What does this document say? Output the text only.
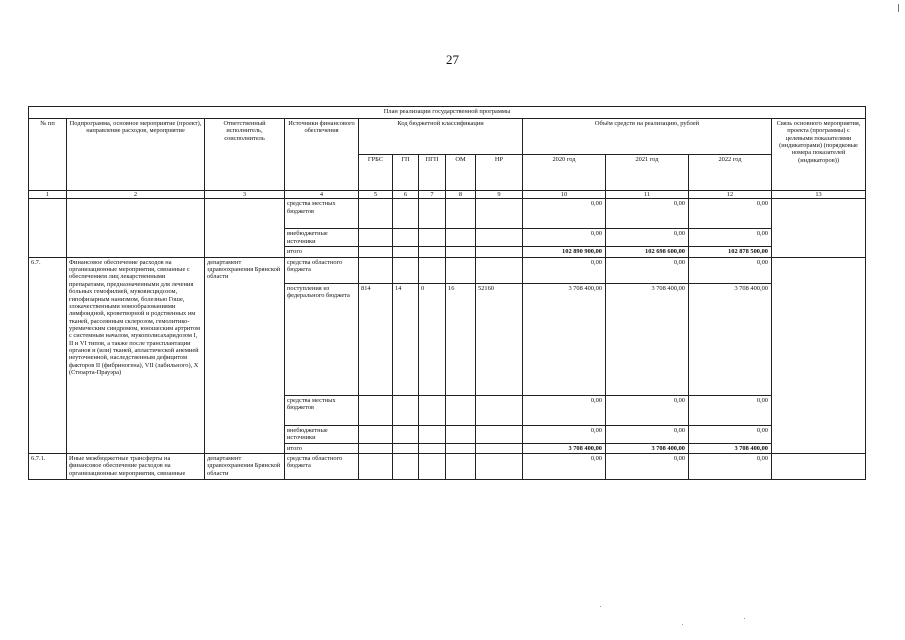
27
План реализации государственной программы												
№ пп	Подпрограмма, основное мероприятие (проект), направление расходов, мероприятие	Ответственный исполнитель, соисполнитель	Источники финансового обеспечения	Код бюджетной классификации					Объём средств на реализацию, рублей			Связь основного мероприятия, проекта (программы) с целевыми показателями (индикаторами) (порядковые номера показателей (индикаторов))
				ГРБС	ГП	ПГП	ОМ	НР	2020 год	2021 год	2022 год	
1	2	3	4	5	6	7	8	9	10	11	12	13
			средства местных бюджетов						0,00	0,00	0,00	
			внебюджетные источники						0,00	0,00	0,00	
			итого						102 890 900,00	102 698 600,00	102 878 500,00	
6.7.	Финансовое обеспечение расходов на организационные мероприятия, связанные с обеспечением лиц лекарственными препаратами, предназначенными для лечения больных гемофилией, муковисцидозом, гипофизарным нанизмом, болезнью Гоше, злокачественными новообразованиями лимфоидной, кроветворной и родственных им тканей, рассеянным склерозом, гемолитико-уремическим синдромом, юношеским артритом с системным началом, мукополисахаридозом I, II и VI типов, а также после трансплантации органов и (или) тканей, апластической анемией неуточненной, наследственным дефицитом факторов II (фибриногена), VII (лабильного), X (Стюарта-Прауэра)	департамент здравоохранения Брянской области	средства областного бюджета						0,00	0,00	0,00	
			поступления из федерального бюджета	814	14	0	16	52160	3 708 400,00	3 708 400,00	3 708 400,00	
			средства местных бюджетов						0,00	0,00	0,00	
			внебюджетные источники						0,00	0,00	0,00	
			итого						3 708 400,00	3 708 400,00	3 708 400,00	
6.7.1.	Иные межбюджетные трансферты на финансовое обеспечение расходов на организационные мероприятия, связанные	департамент здравоохранения Брянской области	средства областного бюджета						0,00	0,00	0,00	
